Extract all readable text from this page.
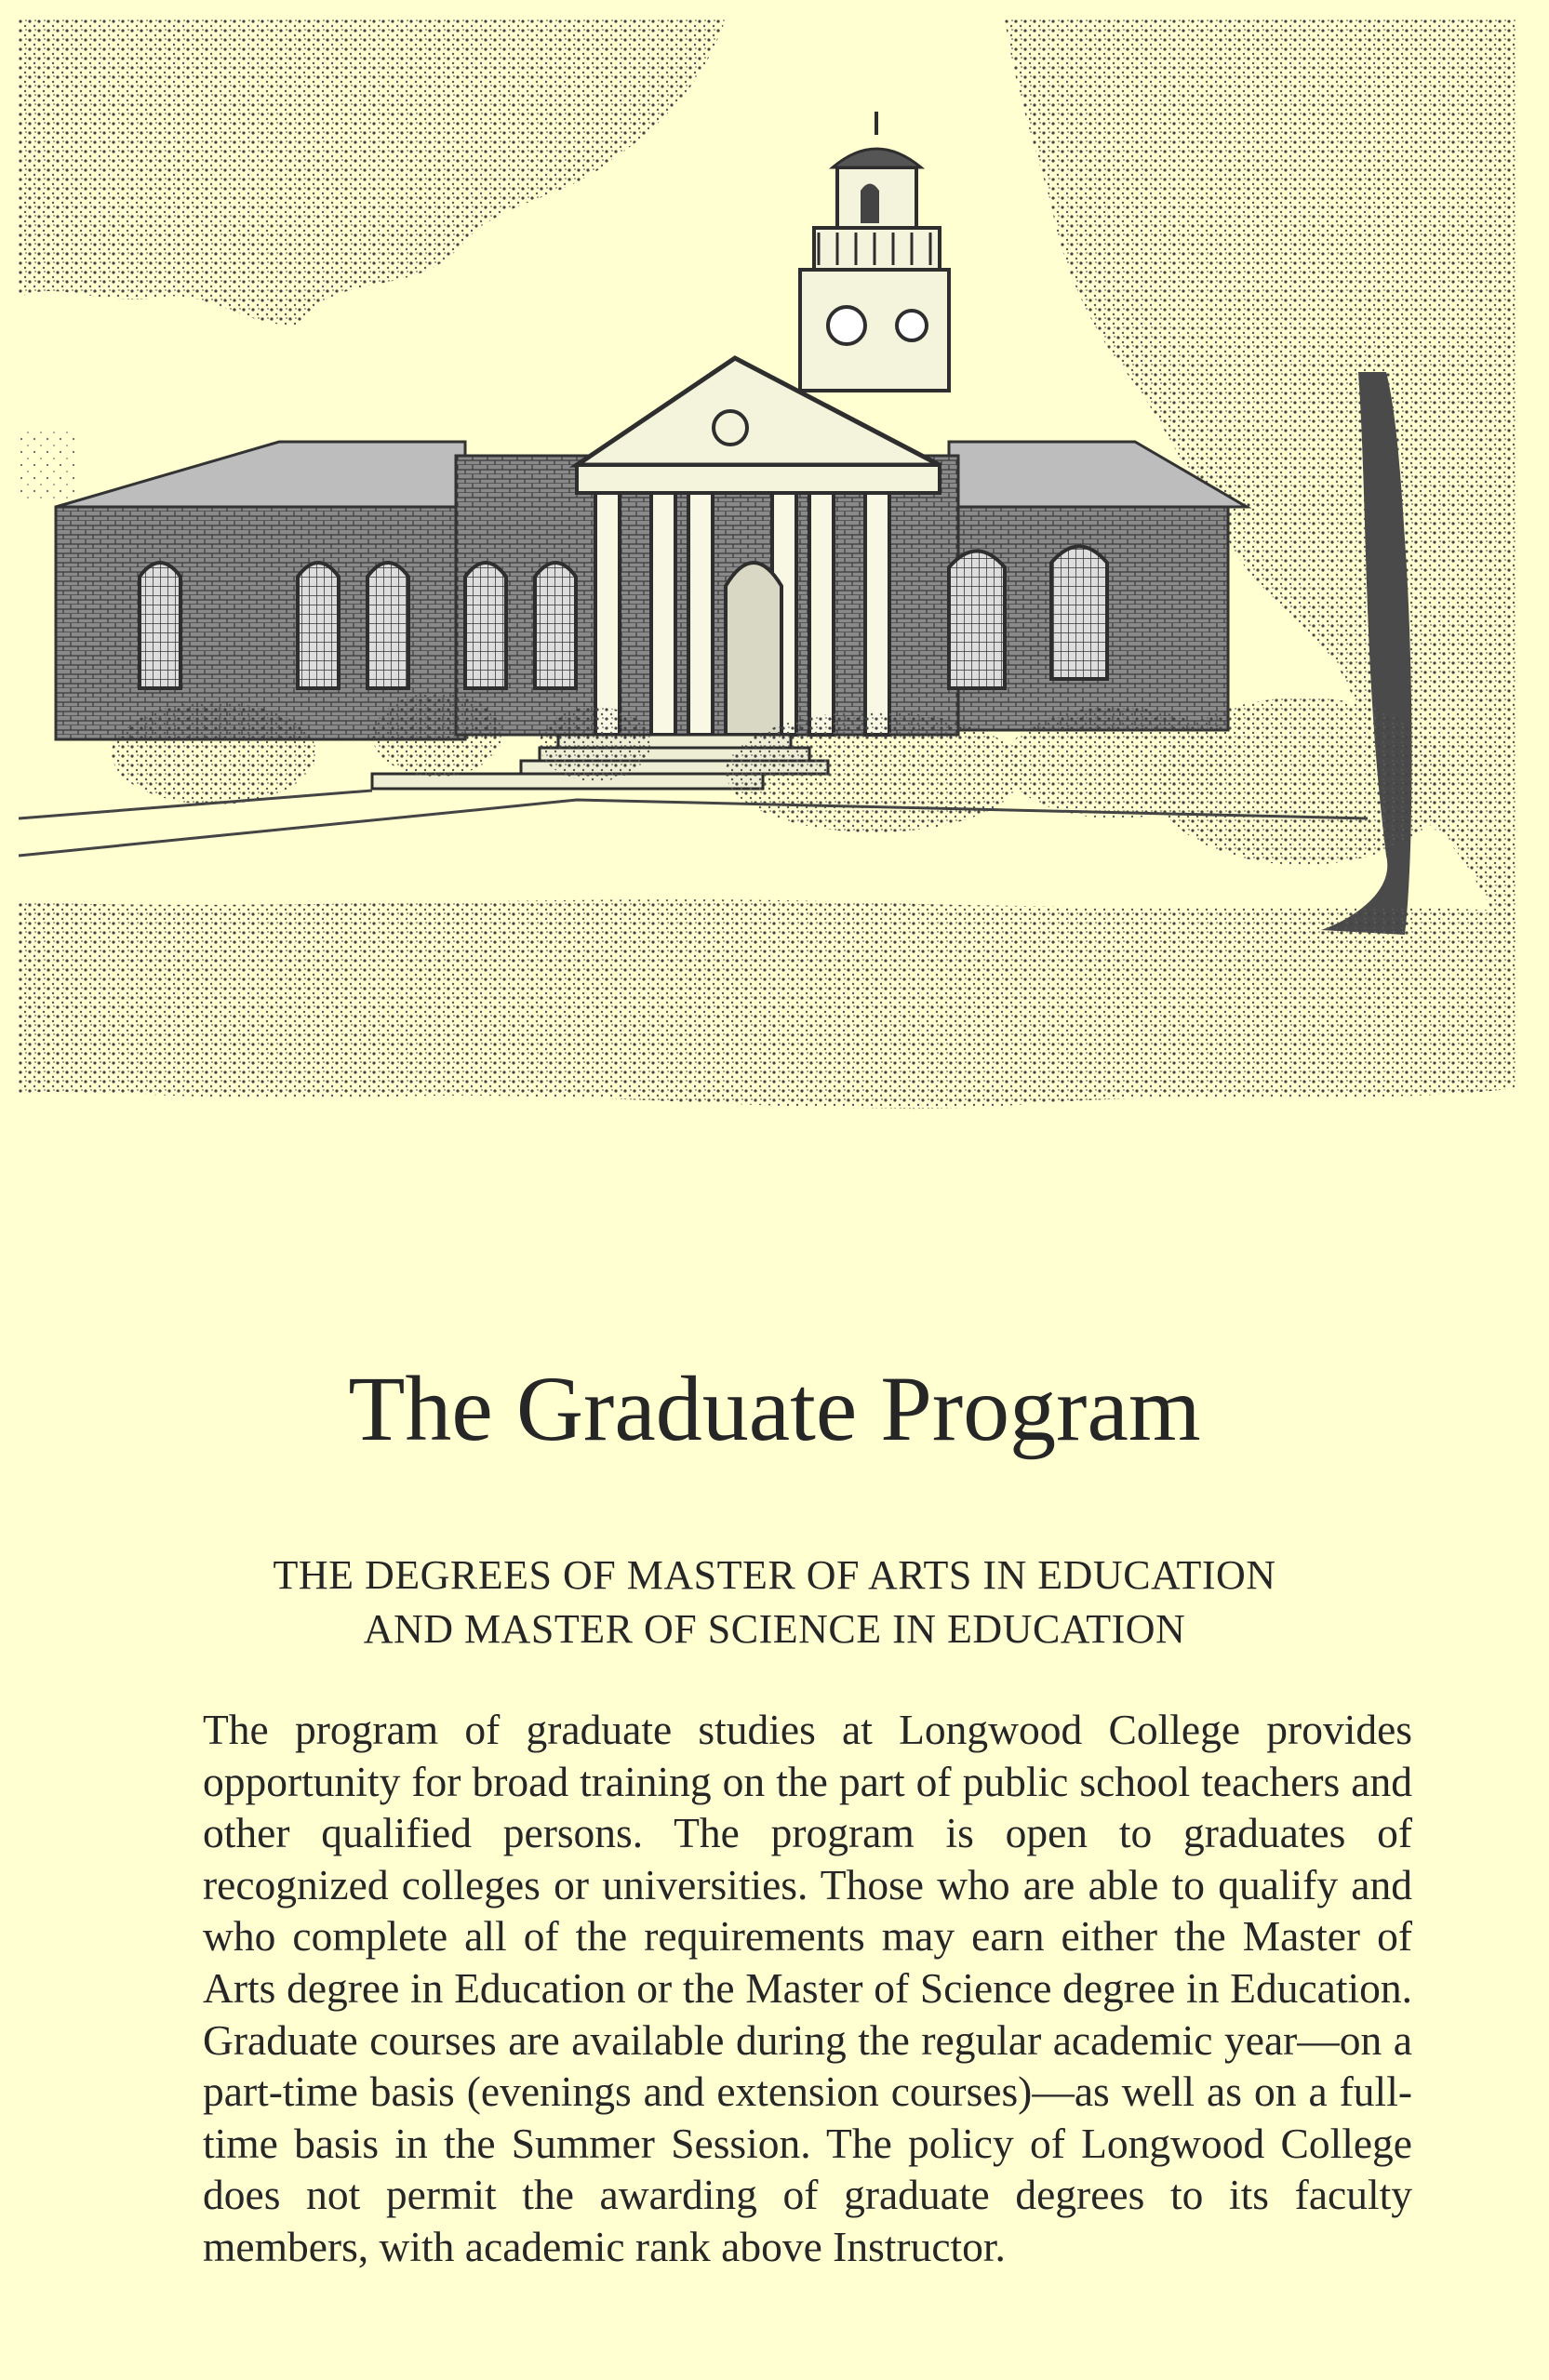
The Graduate Program
THE DEGREES OF MASTER OF ARTS IN EDUCATION
AND MASTER OF SCIENCE IN EDUCATION

The program of graduate studies at Longwood College provides opportunity for broad training on the part of public school teachers and other qualified persons. The program is open to graduates of recognized colleges or universities. Those who are able to qualify and who complete all of the requirements may earn either the Master of Arts degree in Education or the Master of Science degree in Education. Graduate courses are available during the regular academic year—on a part-time basis (evenings and extension courses)—as well as on a full-time basis in the Summer Session. The policy of Longwood College does not permit the awarding of graduate degrees to its faculty members, with academic rank above Instructor.
